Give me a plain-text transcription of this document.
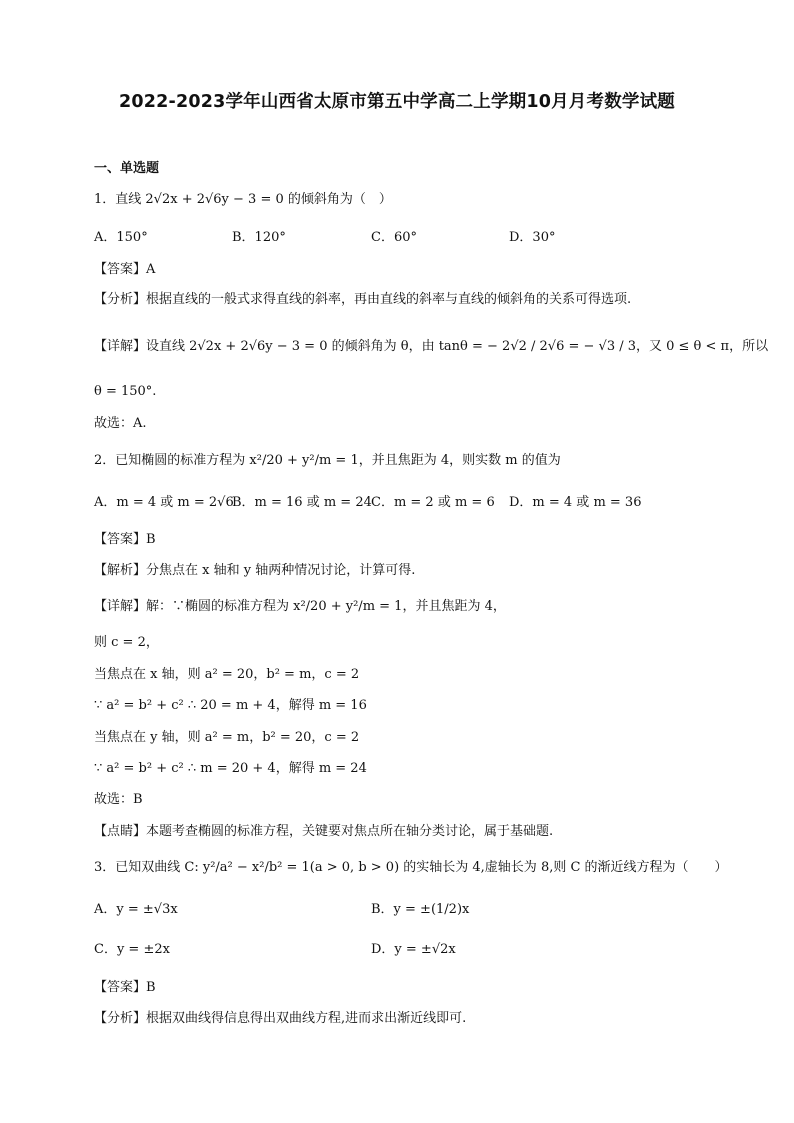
2022-2023学年山西省太原市第五中学高二上学期10月月考数学试题
一、单选题
1．直线 2√2x + 2√6y − 3 = 0 的倾斜角为（　）
A．150°	B．120°	C．60°	D．30°
【答案】A
【分析】根据直线的一般式求得直线的斜率，再由直线的斜率与直线的倾斜角的关系可得选项.
【详解】设直线 2√2x + 2√6y − 3 = 0 的倾斜角为 θ，由 tanθ = − 2√2 / 2√6 = − √3 / 3，又 0 ≤ θ < π，所以
θ = 150°.
故选：A.
2．已知椭圆的标准方程为 x²/20 + y²/m = 1，并且焦距为 4，则实数 m 的值为
A．m = 4 或 m = 2√6
B．m = 16 或 m = 24 C．m = 2 或 m = 6 D．m = 4 或 m = 36
【答案】B
【解析】分焦点在 x 轴和 y 轴两种情况讨论，计算可得.
【详解】解：∵椭圆的标准方程为 x²/20 + y²/m = 1，并且焦距为 4，
则 c = 2，
当焦点在 x 轴，则 a² = 20，b² = m，c = 2
∵ a² = b² + c² ∴ 20 = m + 4，解得 m = 16
当焦点在 y 轴，则 a² = m，b² = 20，c = 2
∵ a² = b² + c² ∴ m = 20 + 4，解得 m = 24
故选：B
【点睛】本题考查椭圆的标准方程，关键要对焦点所在轴分类讨论，属于基础题.
3．已知双曲线 C: y²/a² − x²/b² = 1(a > 0, b > 0) 的实轴长为 4,虚轴长为 8,则 C 的渐近线方程为（　　）
A．y = ±√3x	B．y = ±(1/2)x
C．y = ±2x	D．y = ±√2x
【答案】B
【分析】根据双曲线得信息得出双曲线方程,进而求出渐近线即可.
